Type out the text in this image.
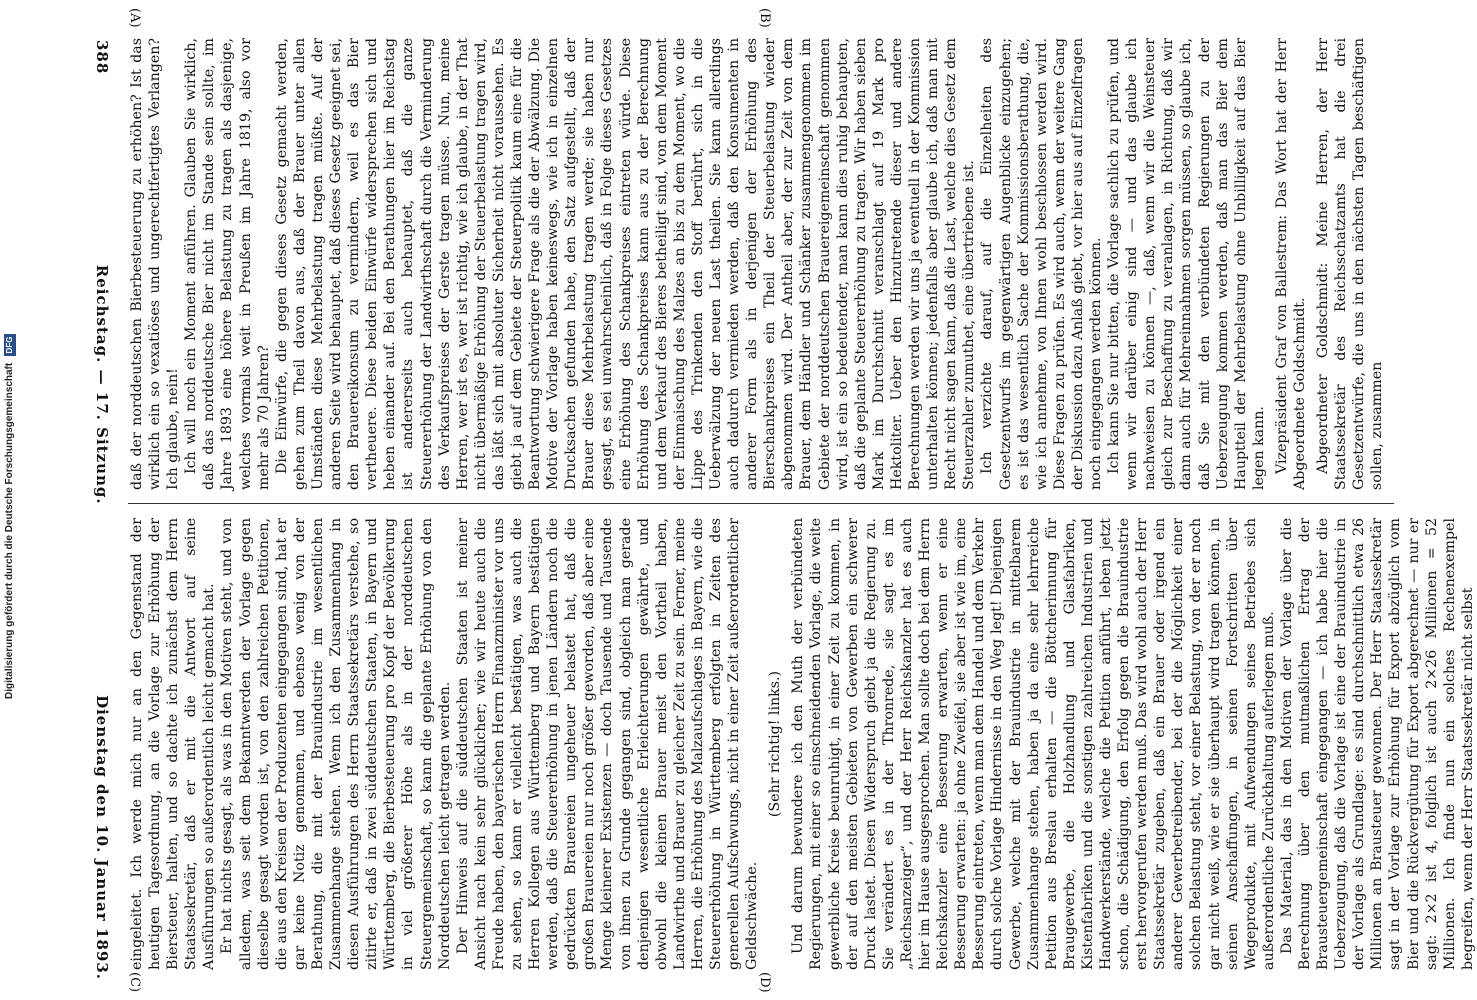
388
Reichstag. — 17. Sitzung.
Dienstag den 10. Januar 1893.
(A)	(B)
(C)	(D)

daß der norddeutschen Bierbesteuerung zu erhöhen? Ist das wirklich ein so vexatiöses und ungerechtfertigtes Verlangen? Ich glaube, nein! Ich will noch ein Moment anführen. Glauben Sie wirklich, daß das norddeutsche Bier nicht im Stande sein sollte, im Jahre 1893 eine höhere Belastung zu tragen als dasjenige, welches vormals weit in Preußen im Jahre 1819, also vor mehr als 70 Jahren? Die Einwürfe, die gegen dieses Gesetz gemacht werden, gehen zum Theil davon aus, daß der Brauer unter allen Umständen diese Mehrbelastung tragen müßte. Auf der anderen Seite wird behauptet, daß dieses Gesetz geeignet sei, den Brauereikonsum zu vermindern, weil es das Bier vertheuere. Diese beiden Einwürfe widersprechen sich und heben einander auf. Bei den Berathungen hier im Reichstag ist andererseits auch behauptet, daß die ganze Steuererhöhung der Landwirthschaft durch die Verminderung des Verkaufspreises der Gerste tragen müsse. Nun, meine Herren, wer ist es, wer ist richtig, wie ich glaube, in der That nicht übermäßige Erhöhung der Steuerbelastung tragen wird, das läßt sich mit absoluter Sicherheit nicht voraussehen. Es giebt ja auf dem Gebiete der Steuerpolitik kaum eine für die Beantwortung schwierigere Frage als die der Abwälzung. Die Motive der Vorlage haben keineswegs, wie ich in einzelnen Drucksachen gefunden habe, den Satz aufgestellt, daß der Brauer diese Mehrbelastung tragen werde; sie haben nur gesagt, es sei unwahrscheinlich, daß in Folge dieses Gesetzes eine Erhöhung des Schankpreises eintreten würde. Diese Erhöhung des Schankpreises kann aus zu der Berechnung und dem Verkauf des Bieres betheiligt sind, von dem Moment der Einmaischung des Malzes an bis zu dem Moment, wo die Lippe des Trinkenden den Stoff berührt, sich in die Ueberwälzung der neuen Last theilen. Sie kann allerdings auch dadurch vermieden werden, daß den Konsumenten in anderer Form als in derjenigen der Erhöhung des Bierschankpreises ein Theil der Steuerbelastung wieder abgenommen wird. Der Antheil aber, der zur Zeit von dem Brauer, dem Händler und Schänker zusammengenommen im Gebiete der norddeutschen Brauereigemeinschaft genommen wird, ist ein so bedeutender, man kann dies ruhig behaupten, daß die geplante Steuererhöhung zu tragen. Wir haben sieben Mark im Durchschnitt veranschlagt auf 19 Mark pro Hektoliter. Ueber den Hinzutretende dieser und andere Berechnungen werden wir uns ja eventuell in der Kommission unterhalten können; jedenfalls aber glaube ich, daß man mit Recht nicht sagen kann, daß die Last, welche dies Gesetz dem Steuerzahler zumuthet, eine übertriebene ist. Ich verzichte darauf, auf die Einzelheiten des Gesetzentwurfs im gegenwärtigen Augenblicke einzugehen; es ist das wesentlich Sache der Kommissionsberathung, die, wie ich annehme, von Ihnen wohl beschlossen werden wird. Diese Fragen zu prüfen. Es wird auch, wenn der weitere Gang der Diskussion dazu Anlaß giebt, vor hier aus auf Einzelfragen noch eingegangen werden können. Ich kann Sie nur bitten, die Vorlage sachlich zu prüfen, und wenn wir darüber einig sind — und das glaube ich nachweisen zu können —, daß, wenn wir die Weinsteuer gleich zur Beschaffung zu veranlagen, in Richtung, daß wir dann auch für Mehreinnahmen sorgen müssen, so glaube ich, daß Sie mit den verbündeten Regierungen zu der Ueberzeugung kommen werden, daß man das Bier dem Hauptteil der Mehrbelastung ohne Unbilligkeit auf das Bier legen kann. Vizepräsident Graf von Ballestrem: Das Wort hat der Herr Abgeordnete Goldschmidt. Abgeordneter Goldschmidt: Meine Herren, der Herr Staatssekretär des Reichsschatzamts hat die drei Gesetzentwürfe, die uns in den nächsten Tagen beschäftigen sollen, zusammen

eingeleitet. Ich werde mich nur an den Gegenstand der heutigen Tagesordnung, an die Vorlage zur Erhöhung der Biersteuer, halten, und so dachte ich zunächst dem Herrn Staatssekretär, daß er mit die Antwort auf seine Ausführungen so außerordentlich leicht gemacht hat. Er hat nichts gesagt, als was in den Motiven steht, und von alledem, was seit dem Bekanntwerden der Vorlage gegen dieselbe gesagt worden ist, von den zahlreichen Petitionen, die aus den Kreisen der Produzenten eingegangen sind, hat er gar keine Notiz genommen, und ebenso wenig von der Berathung, die mit der Brauindustrie im wesentlichen Zusammenhange stehen. Wenn ich den Zusammenhang in diesen Ausführungen des Herrn Staatssekretärs verstehe, so zitirte er, daß in zwei süddeutschen Staaten, in Bayern und Württemberg, die Bierbesteuerung pro Kopf der Bevölkerung in viel größerer Höhe als in der norddeutschen Steuergemeinschaft, so kann die geplante Erhöhung von den Norddeutschen leicht getragen werden. Der Hinweis auf die süddeutschen Staaten ist meiner Ansicht nach kein sehr glücklicher; wie wir heute auch die Freude haben, den bayerischen Herrn Finanzminister vor uns zu sehen, so kann er vielleicht bestätigen, was auch die Herren Kollegen aus Württemberg und Bayern bestätigen werden, daß die Steuererhöhung in jenen Ländern noch die gedrückten Brauereien ungeheuer belastet hat, daß die großen Brauereien nur noch größer geworden, daß aber eine Menge kleinerer Existenzen — doch Tausende und Tausende von ihnen zu Grunde gegangen sind, obgleich man gerade denjenigen wesentliche Erleichterungen gewährte, und obwohl die kleinen Brauer meist den Vortheil haben, Landwirthe und Brauer zu gleicher Zeit zu sein. Ferner, meine Herren, die Erhöhung des Malzaufschlages in Bayern, wie die Steuererhöhung in Württemberg erfolgten in Zeiten des generellen Aufschwungs, nicht in einer Zeit außerordentlicher Geldschwäche.

(Sehr richtig! links.) Und darum bewundere ich den Muth der verbündeten Regierungen, mit einer so einschneidenden Vorlage, die weite gewerbliche Kreise beunruhigt, in einer Zeit zu kommen, in der auf den meisten Gebieten von Gewerben ein schwerer Druck lastet. Diesen Widerspruch giebt ja die Regierung zu. Sie verändert es in der Thronrede, sie sagt es im „Reichsanzeiger“, und der Herr Reichskanzler hat es auch hier im Hause ausgesprochen. Man sollte doch bei dem Herrn Reichskanzler eine Besserung erwarten, wenn er eine Besserung erwarten: ja ohne Zweifel, sie aber ist wie im, eine Besserung eintreten, wenn man dem Handel und dem Verkehr durch solche Vorlage Hindernisse in den Weg legt! Diejenigen Gewerbe, welche mit der Brauindustrie in mittelbarem Zusammenhange stehen, haben ja da eine sehr lehrreiche Petition aus Breslau erhalten — die Böttcherinnung für Braugewerbe, die Holzhandlung und Glasfabriken, Kistenfabriken und die sonstigen zahlreichen Industrien und Handwerkerstände, welche die Petition anführt, leben jetzt schon, die Schädigung, den Erfolg gegen die Brauindustrie erst hervorgerufen werden muß. Das wird wohl auch der Herr Staatssekretär zugeben, daß ein Brauer oder irgend ein anderer Gewerbetreibender, bei der die Möglichkeit einer solchen Belastung steht, vor einer Belastung, von der er noch gar nicht weiß, wie er sie überhaupt wird tragen können, in seinen Anschaffungen, in seinen Fortschritten über Wegeprodukte, mit Aufwendungen seines Betriebes sich außerordentliche Zurückhaltung auferlegen muß. Das Material, das in den Motiven der Vorlage über die Berechnung über den mutmaßlichen Ertrag der Brausteuergemeinschaft eingegangen — ich habe hier die Ueberzeugung, daß die Vorlage ist eine der Brauindustrie in der Vorlage als Grundlage: es sind durchschnittlich etwa 26 Millionen an Brausteuer gewonnen. Der Herr Staatssekretär sagt in der Vorlage zur Erhöhung für Export abzüglich vom Bier und die Rückvergütung für Export abgerechnet — nur er sagt: 2×2 ist 4, folglich ist auch 2×26 Millionen = 52 Millionen. Ich finde nun ein solches Rechenexempel begreifen, wenn der Herr Staatssekretär nicht selbst

Digitalisierung gefördert durch die Deutsche Forschungsgemeinschaft DFG
